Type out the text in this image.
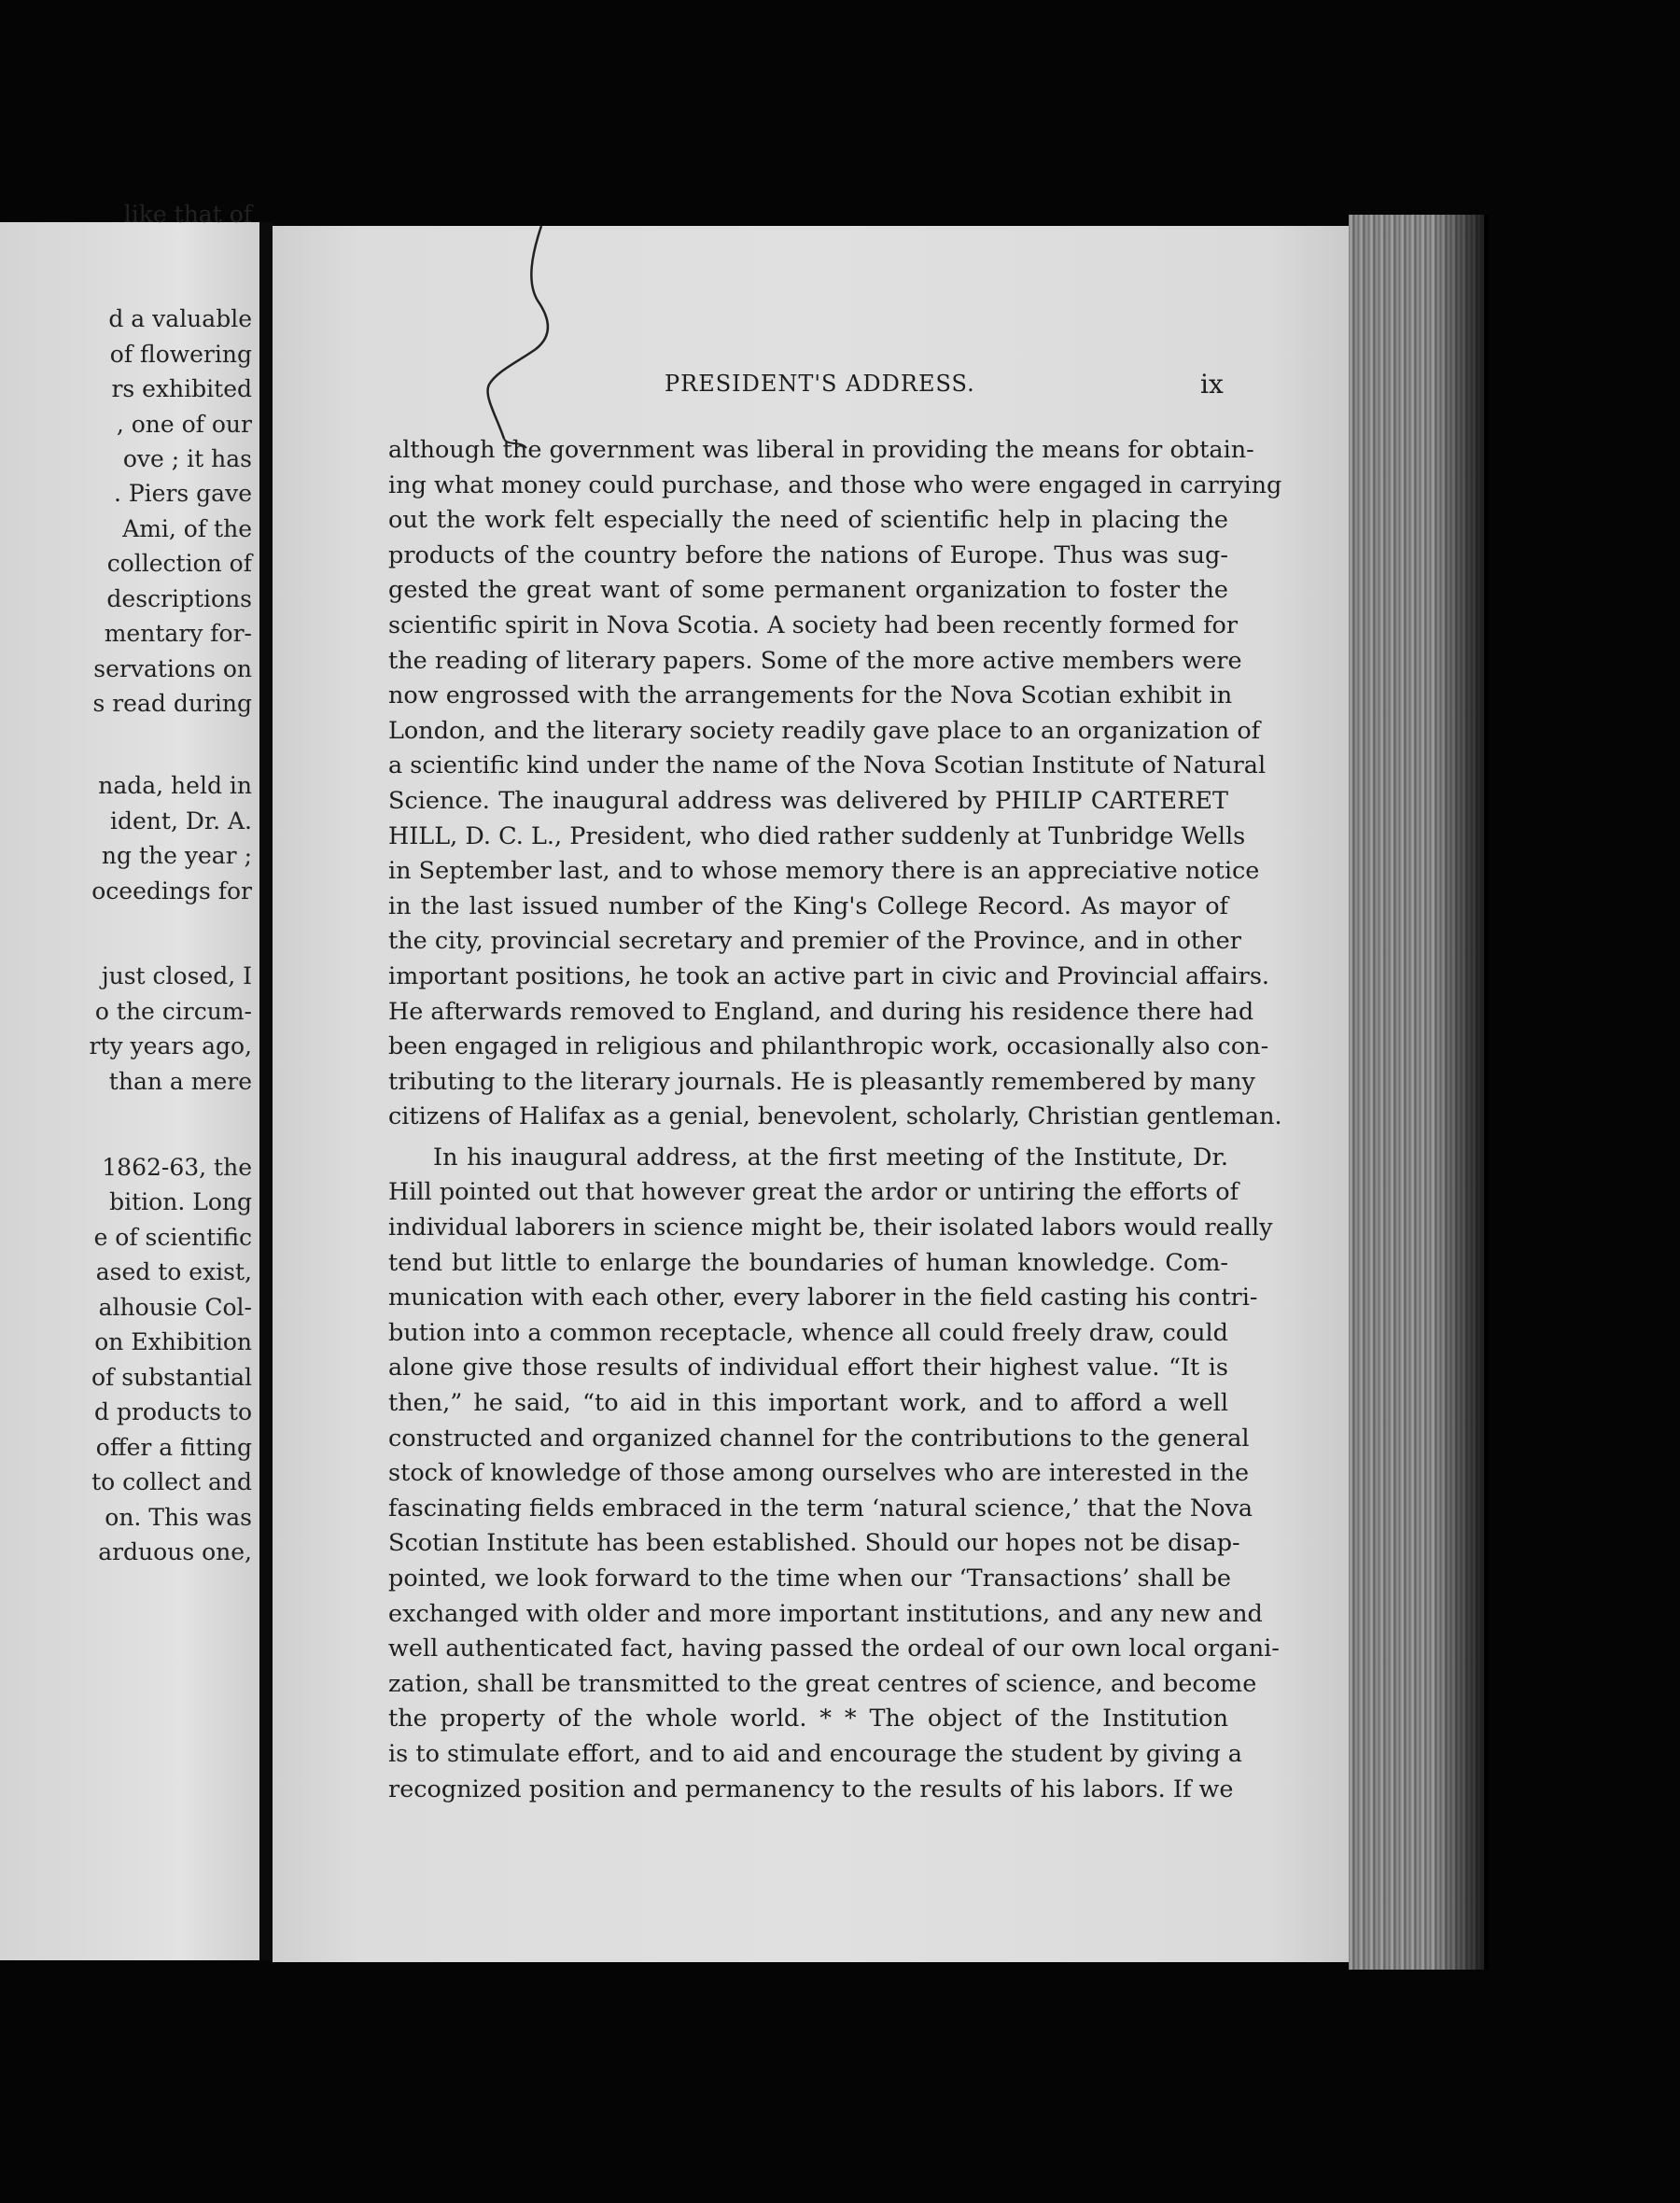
like that of
d a valuable
of flowering
rs exhibited
, one of our
ove ; it has
. Piers gave
Ami, of the
collection of
descriptions
mentary for-
servations on
s read during
nada, held in
ident, Dr. A.
ng the year ;
oceedings for
just closed, I
o the circum-
rty years ago,
than a mere
1862-63, the
bition. Long
e of scientific
ased to exist,
alhousie Col-
on Exhibition
of substantial
d products to
offer a fitting
to collect and
on. This was
arduous one,
PRESIDENT'S ADDRESS.	ix
although the government was liberal in providing the means for obtain-
ing what money could purchase, and those who were engaged in carrying
out the work felt especially the need of scientific help in placing the
products of the country before the nations of Europe. Thus was sug-
gested the great want of some permanent organization to foster the
scientific spirit in Nova Scotia. A society had been recently formed for
the reading of literary papers. Some of the more active members were
now engrossed with the arrangements for the Nova Scotian exhibit in
London, and the literary society readily gave place to an organization of
a scientific kind under the name of the Nova Scotian Institute of Natural
Science. The inaugural address was delivered by PHILIP CARTERET
HILL, D. C. L., President, who died rather suddenly at Tunbridge Wells
in September last, and to whose memory there is an appreciative notice
in the last issued number of the King's College Record. As mayor of
the city, provincial secretary and premier of the Province, and in other
important positions, he took an active part in civic and Provincial affairs.
He afterwards removed to England, and during his residence there had
been engaged in religious and philanthropic work, occasionally also con-
tributing to the literary journals. He is pleasantly remembered by many
citizens of Halifax as a genial, benevolent, scholarly, Christian gentleman.
In his inaugural address, at the first meeting of the Institute, Dr.
Hill pointed out that however great the ardor or untiring the efforts of
individual laborers in science might be, their isolated labors would really
tend but little to enlarge the boundaries of human knowledge. Com-
munication with each other, every laborer in the field casting his contri-
bution into a common receptacle, whence all could freely draw, could
alone give those results of individual effort their highest value. “It is
then,” he said, “to aid in this important work, and to afford a well
constructed and organized channel for the contributions to the general
stock of knowledge of those among ourselves who are interested in the
fascinating fields embraced in the term ‘natural science,’ that the Nova
Scotian Institute has been established. Should our hopes not be disap-
pointed, we look forward to the time when our ‘Transactions’ shall be
exchanged with older and more important institutions, and any new and
well authenticated fact, having passed the ordeal of our own local organi-
zation, shall be transmitted to the great centres of science, and become
the property of the whole world. * * The object of the Institution
is to stimulate effort, and to aid and encourage the student by giving a
recognized position and permanency to the results of his labors. If we
